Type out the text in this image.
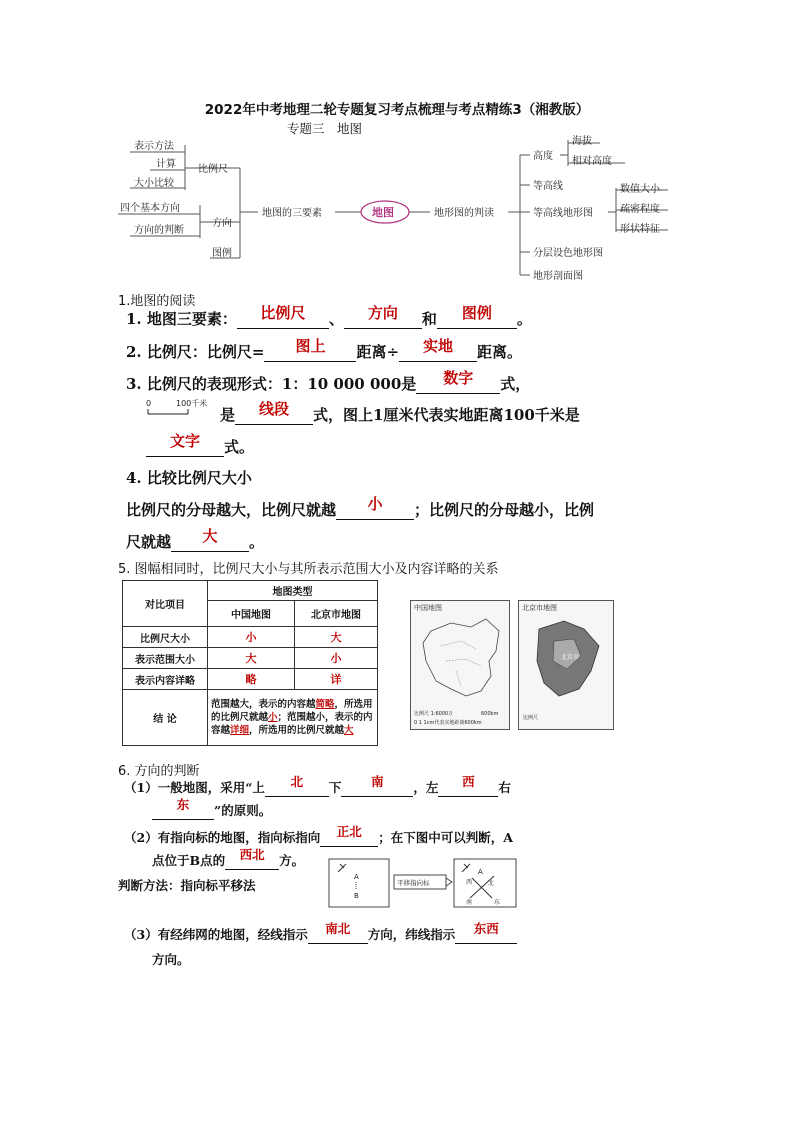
2022年中考地理二轮专题复习考点梳理与考点精练3（湘教版）
专题三　地图
地图
地图的三要素	地形图的判读
比例尺
表示方法
计算
大小比较
方向
四个基本方向
方向的判断
图例
高度
海拔
相对高度
等高线
等高线地形图
数值大小
疏密程度
形状特征
分层设色地形图
地形剖面图
1.地图的阅读
1. 地图三要素： 比例尺 、 方向 和 图例 。
2. 比例尺：比例尺= 图上 距离÷ 实地 距离。
3. 比例尺的表现形式：1：10 000 000是 数字 式，
0	100千米
是 线段 式，图上1厘米代表实地距离100千米是
文字 式。
4. 比较比例尺大小
比例尺的分母越大，比例尺就越 小 ；比例尺的分母越小，比例
尺就越 大 。
5. 图幅相同时，比例尺大小与其所表示范围大小及内容详略的关系
对比项目	地图类型	
	中国地图	北京市地图
比例尺大小	小	大
表示范围大小	大	小
表示内容详略	略	详
结 论	范围越大，表示的内容越简略，所选用的比例尺就越小；范围越小，表示的内容越详细，所选用的比例尺就越大	
中国地图
比例尺 1:6000万	600km
0 1 1cm代表实地距离600km
北京市地图
北京市
比例尺
6. 方向的判断
（1）一般地图，采用“上 北 下 南 ，左 西 右
东 ”的原则。
（2）有指向标的地图，指向标指向 正北 ；在下图中可以判断，A
点位于B点的 西北 方。
判断方法：指向标平移法
A
B
平移指向标
A
北
南	东
西
（3）有经纬网的地图，经线指示 南北 方向，纬线指示 东西
方向。
